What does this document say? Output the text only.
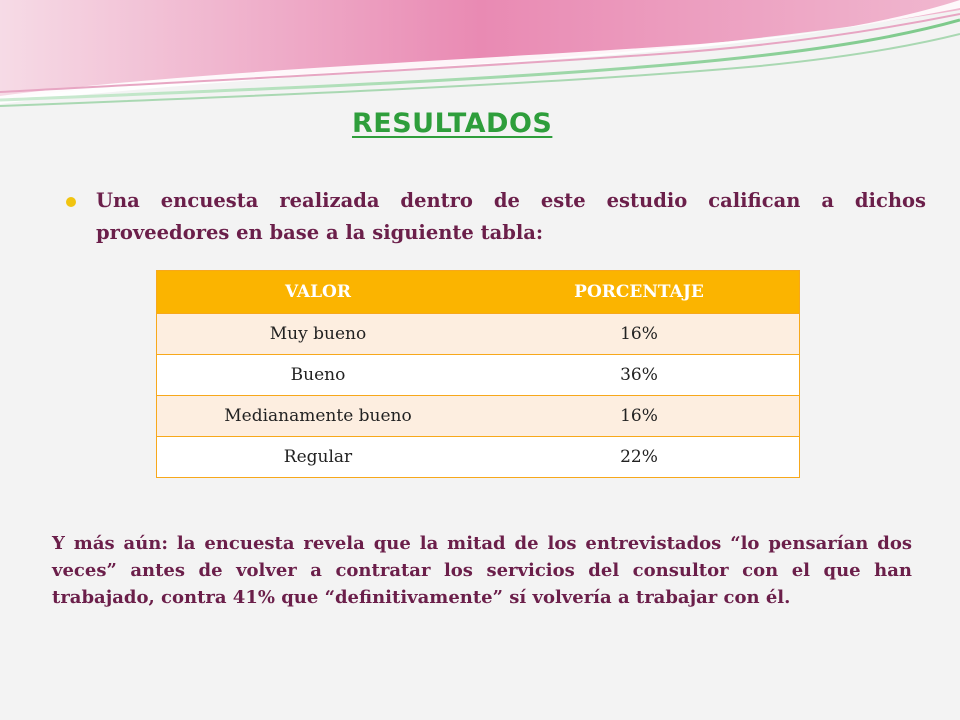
RESULTADOS
Una encuesta realizada dentro de este estudio califican a dichos proveedores en base a la siguiente tabla:
VALOR	PORCENTAJE
Muy bueno	16%
Bueno	36%
Medianamente bueno	16%
Regular	22%
Y más aún: la encuesta revela que la mitad de los entrevistados “lo pensarían dos veces” antes de volver a contratar los servicios del consultor con el que han trabajado, contra 41% que “definitivamente” sí volvería a trabajar con él.
